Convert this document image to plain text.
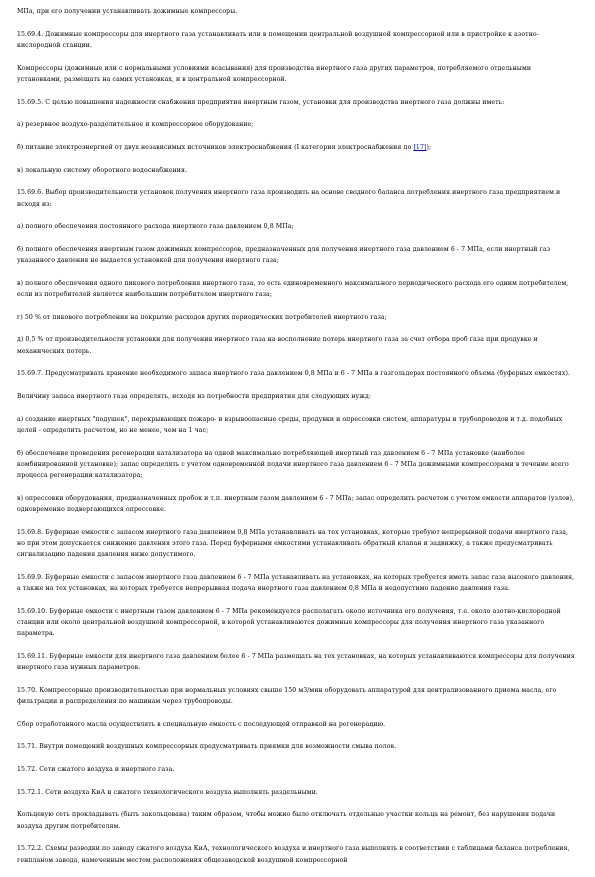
МПа, при его получении устанавливать дожимные компрессоры.

15.69.4. Дожимные компрессоры для инертного газа устанавливать или в помещении центральной воздушной компрессорной или в пристройке к азотно-кислородной станции.

Компрессоры (дожимные или с нормальными условиями всасывания) для производства инертного газа других параметров, потребляемого отдельными установками, размещать на самих установках, и в центральной компрессорной.

15.69.5. С целью повышения надежности снабжения предприятия инертным газом, установки для производства инертного газа должны иметь:

а) резервное воздухо-разделительное и компрессорное оборудование;

б) питание электроэнергией от двух независимых источников электроснабжения (I категория электроснабжения по [17]);

в) локальную систему оборотного водоснабжения.

15.69.6. Выбор производительности установок получения инертного газа производить на основе сводного баланса потребления инертного газа предприятием и исходя из:

а) полного обеспечения постоянного расхода инертного газа давлением 0,8 МПа;

б) полного обеспечения инертным газом дожимных компрессоров, предназначенных для получения инертного газа давлением 6 - 7 МПа, если инертный газ указанного давления не выдается установкой для получения инертного газа;

в) полного обеспечения одного пикового потребления инертного газа, то есть единовременного максимального периодического расхода его одним потребителем, если из потребителей является наибольшим потребителем инертного газа;

г) 50 % от пикового потребления на покрытие расходов других периодических потребителей инертного газа;

д) 0,5 % от производительности установки для получения инертного газа на восполнение потерь инертного газа за счет отбора проб газа при продувке и механических потерь.

15.69.7. Предусматривать хранение необходимого запаса инертного газа давлением 0,8 МПа и 6 - 7 МПа в газгольдерах постоянного объема (буферных емкостях).

Величину запаса инертного газа определять, исходя из потребности предприятия для следующих нужд:

а) создание инертных "подушек", перекрывающих пожаро- и взрывоопасные среды, продувки и опрессовки систем, аппаратуры и трубопроводов и т.д. подобных целей - определить расчетом, но не менее, чем на 1 час;

б) обеспечение проведения регенерации катализатора на одной максимально потребляющей инертный газ давлением 6 - 7 МПа установке (наиболее комбинированной установке); запас определять с учетом одновременной подачи инертного газа давлением 6 - 7 МПа дожимными компрессорами в течение всего процесса регенерации катализатора;

в) опрессовки оборудования, предназначенных пробок и т.п. инертным газом давлением 6 - 7 МПа; запас определить расчетом с учетом емкости аппаратов (узлов), одновременно подвергающихся опрессовке.

15.69.8. Буферные емкости с запасом инертного газа давлением 0,8 МПа устанавливать на тех установках, которые требуют непрерывной подачи инертного газа, но при этом допускается снижение давления этого газа. Перед буферными емкостями устанавливать обратный клапан и задвижку, а также предусматривать сигнализацию падения давления ниже допустимого.

15.69.9. Буферные емкости с запасом инертного газа давлением 6 - 7 МПа устанавливать на установках, на которых требуется иметь запас газа высокого давления, а также на тех установках, на которых требуется непрерывная подача инертного газа давлением 0,8 МПа и недопустимо падение давления газа.

15.69.10. Буферные емкости с инертным газом давлением 6 - 7 МПа рекомендуется располагать около источника его получения, т.е. около азотно-кислородной станции или около центральной воздушной компрессорной, в которой устанавливаются дожимные компрессоры для получения инертного газа указанного параметра.

15.69.11. Буферные емкости для инертного газа давлением более 6 - 7 МПа размещать на тех установках, на которых устанавливаются компрессоры для получения инертного газа нужных параметров.

15.70. Компрессорные производительностью при нормальных условиях свыше 150 м3/мин оборудовать аппаратурой для централизованного приема масла, его фильтрации и распределения по машинам через трубопроводы.

Сбор отработанного масла осуществлять в специальную емкость с последующей отправкой на регенерацию.

15.71. Внутри помещений воздушных компрессорных предусматривать приямки для возможности смыва полов.

15.72. Сети сжатого воздуха и инертного газа.

15.72.1. Сети воздуха КиА и сжатого технологического воздуха выполнять раздельными.

Кольцевую сеть прокладывать (быть закольцована) таким образом, чтобы можно было отключать отдельные участки кольца на ремонт, без нарушения подачи воздуха другим потребителям.

15.72.2. Схемы разводки по заводу сжатого воздуха КиА, технологического воздуха и инертного газа выполнять в соответствии с таблицами баланса потребления, генпланом завода, намеченным местом расположения общезаводской воздушной компрессорной
